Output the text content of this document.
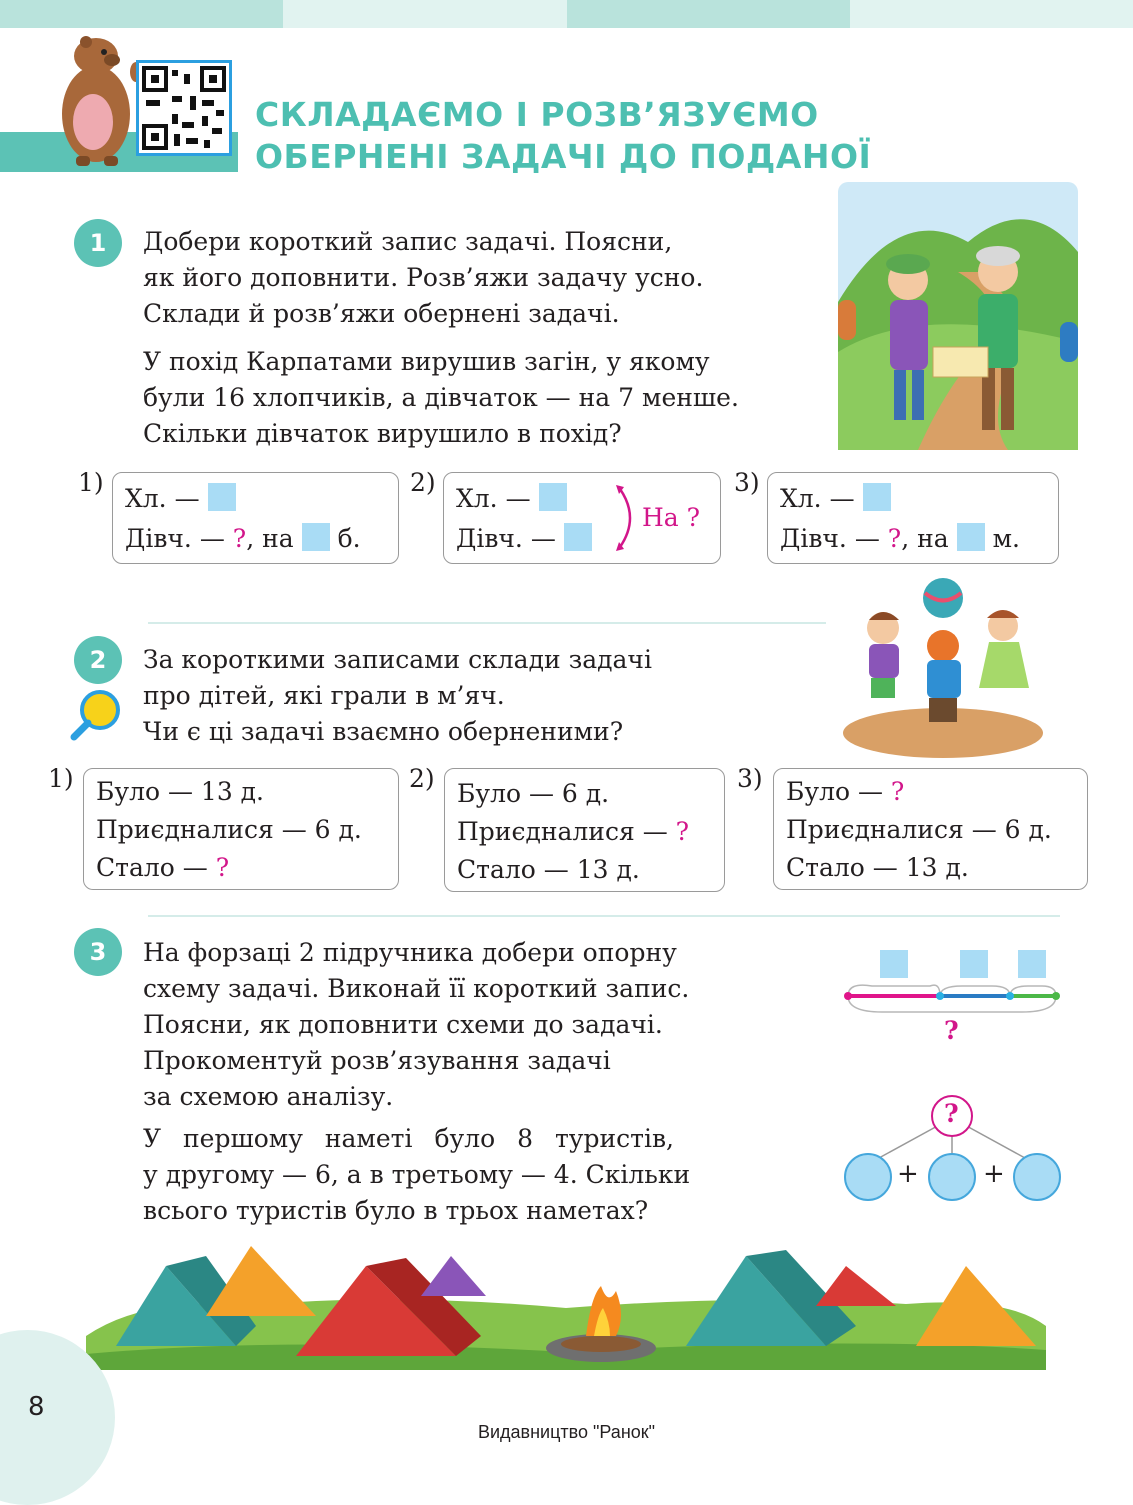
СКЛАДАЄМО І РОЗВ’ЯЗУЄМО
ОБЕРНЕНІ ЗАДАЧІ ДО ПОДАНОЇ
1	Добери короткий запис задачі. Поясни,
як його доповнити. Розв’яжи задачу усно.
Склади й розв’яжи обернені задачі.
У похід Карпатами вирушив загін, у якому
були 16 хлопчиків, а дівчаток — на 7 менше.
Скільки дівчаток вирушило в похід?
1)
Хл. —
Дівч. — ?, на б.
2)
Хл. —
Дівч. —
На ?
3)
Хл. —
Дівч. — ?, на м.
2	За короткими записами склади задачі
про дітей, які грали в м’яч.
Чи є ці задачі взаємно оберненими?
1) Було — 13 д.
Приєдналися — 6 д.
Стало — ?
2)
Було — 6 д.
Приєдналися — ?
Стало — 13 д.
3) Було — ?
Приєдналися — 6 д.
Стало — 13 д.
3	На форзаці 2 підручника добери опорну
схему задачі. Виконай її короткий запис.
Поясни, як доповнити схеми до задачі.
Прокоментуй розв’язування задачі
за схемою аналізу.
У першому наметі було 8 туристів,
у другому — 6, а в третьому — 4. Скільки
всього туристів було в трьох наметах?
?
?
+ +
8
Видавництво "Ранок"
